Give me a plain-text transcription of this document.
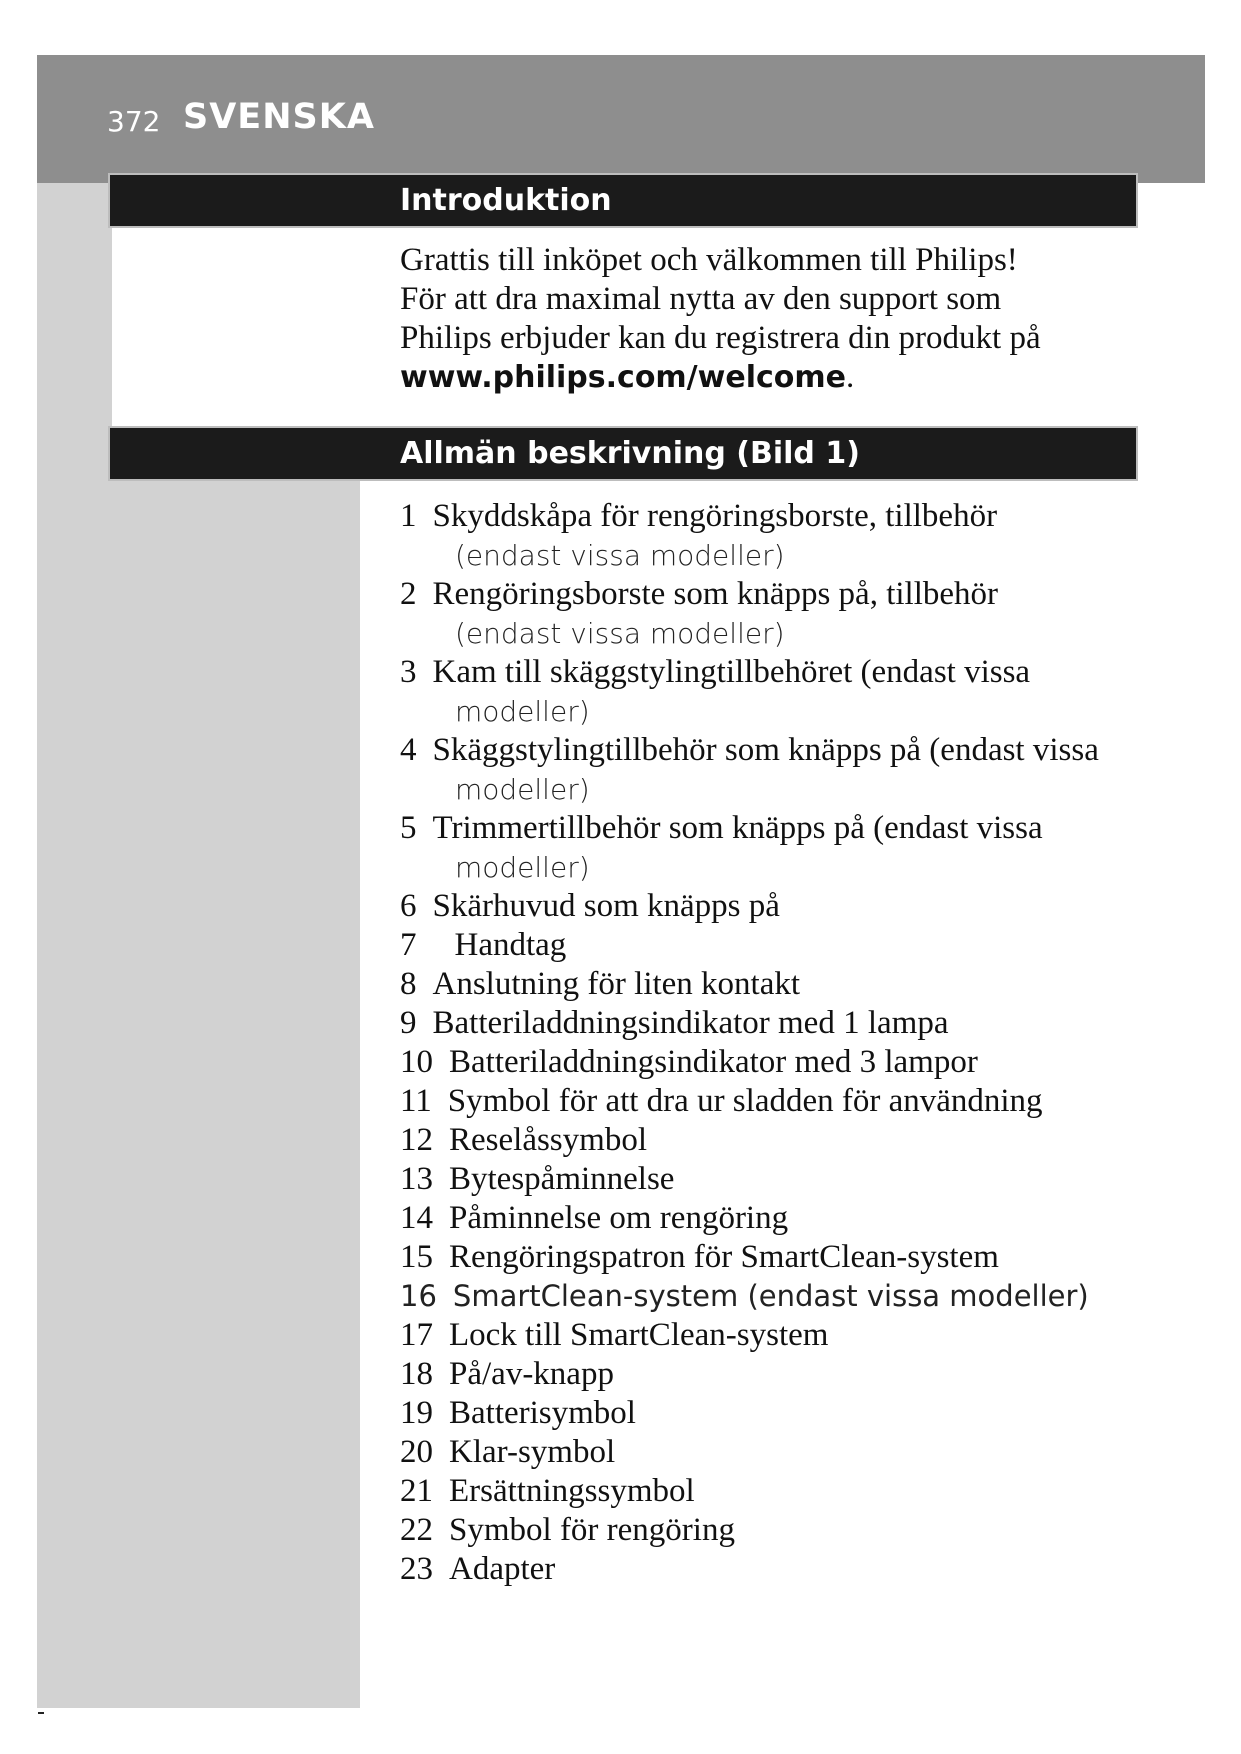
372 SVENSKA
Introduktion
Grattis till inköpet och välkommen till Philips!
För att dra maximal nytta av den support som
Philips erbjuder kan du registrera din produkt på
www.philips.com/welcome.
Allmän beskrivning (Bild 1)
1 Skyddskåpa för rengöringsborste, tillbehör
(endast vissa modeller)
2 Rengöringsborste som knäpps på, tillbehör
(endast vissa modeller)
3 Kam till skäggstylingtillbehöret (endast vissa
modeller)
4 Skäggstylingtillbehör som knäpps på (endast vissa
modeller)
5 Trimmertillbehör som knäpps på (endast vissa
modeller)
6 Skärhuvud som knäpps på
7 Handtag
8 Anslutning för liten kontakt
9 Batteriladdningsindikator med 1 lampa
10 Batteriladdningsindikator med 3 lampor
11 Symbol för att dra ur sladden för användning
12 Reselåssymbol
13 Bytespåminnelse
14 Påminnelse om rengöring
15 Rengöringspatron för SmartClean-system
16 SmartClean-system (endast vissa modeller)
17 Lock till SmartClean-system
18 På/av-knapp
19 Batterisymbol
20 Klar-symbol
21 Ersättningssymbol
22 Symbol för rengöring
23 Adapter
